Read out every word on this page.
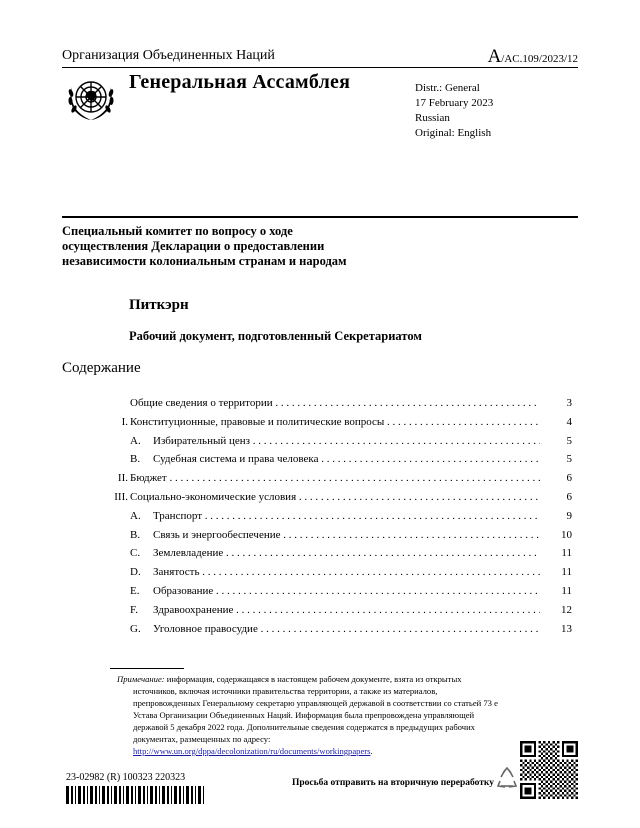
Организация Объединенных Наций	A/AC.109/2023/12
Генеральная Ассамблея	Distr.: General
17 February 2023
Russian
Original: English
Специальный комитет по вопросу о ходе осуществления Декларации о предоставлении независимости колониальным странам и народам
Питкэрн
Рабочий документ, подготовленный Секретариатом
Содержание
Общие сведения о территории . . .	3
I. Конституционные, правовые и политические вопросы . . .	4
A. Избирательный ценз . . .	5
B. Судебная система и права человека . . .	5
II. Бюджет . . .	6
III. Социально-экономические условия . . .	6
A. Транспорт . . .	9
B. Связь и энергообеспечение . . .	10
C. Землевладение . . .	11
D. Занятость . . .	11
E. Образование . . .	11
F. Здравоохранение . . .	12
G. Уголовное правосудие . . .	13
Примечание: информация, содержащаяся в настоящем рабочем документе, взята из открытых
источников, включая источники правительства территории, а также из материалов, препровожденных Генеральному секретарю управляющей державой в соответствии со статьей 73 e Устава Организации Объединенных Наций. Информация была препровождена управляющей державой 5 декабря 2022 года. Дополнительные сведения содержатся в предыдущих рабочих документах, размещенных по адресу: http://www.un.org/dppa/decolonization/ru/documents/workingpapers.
23-02982 (R) 100323 220323	Просьба отправить на вторичную переработку
